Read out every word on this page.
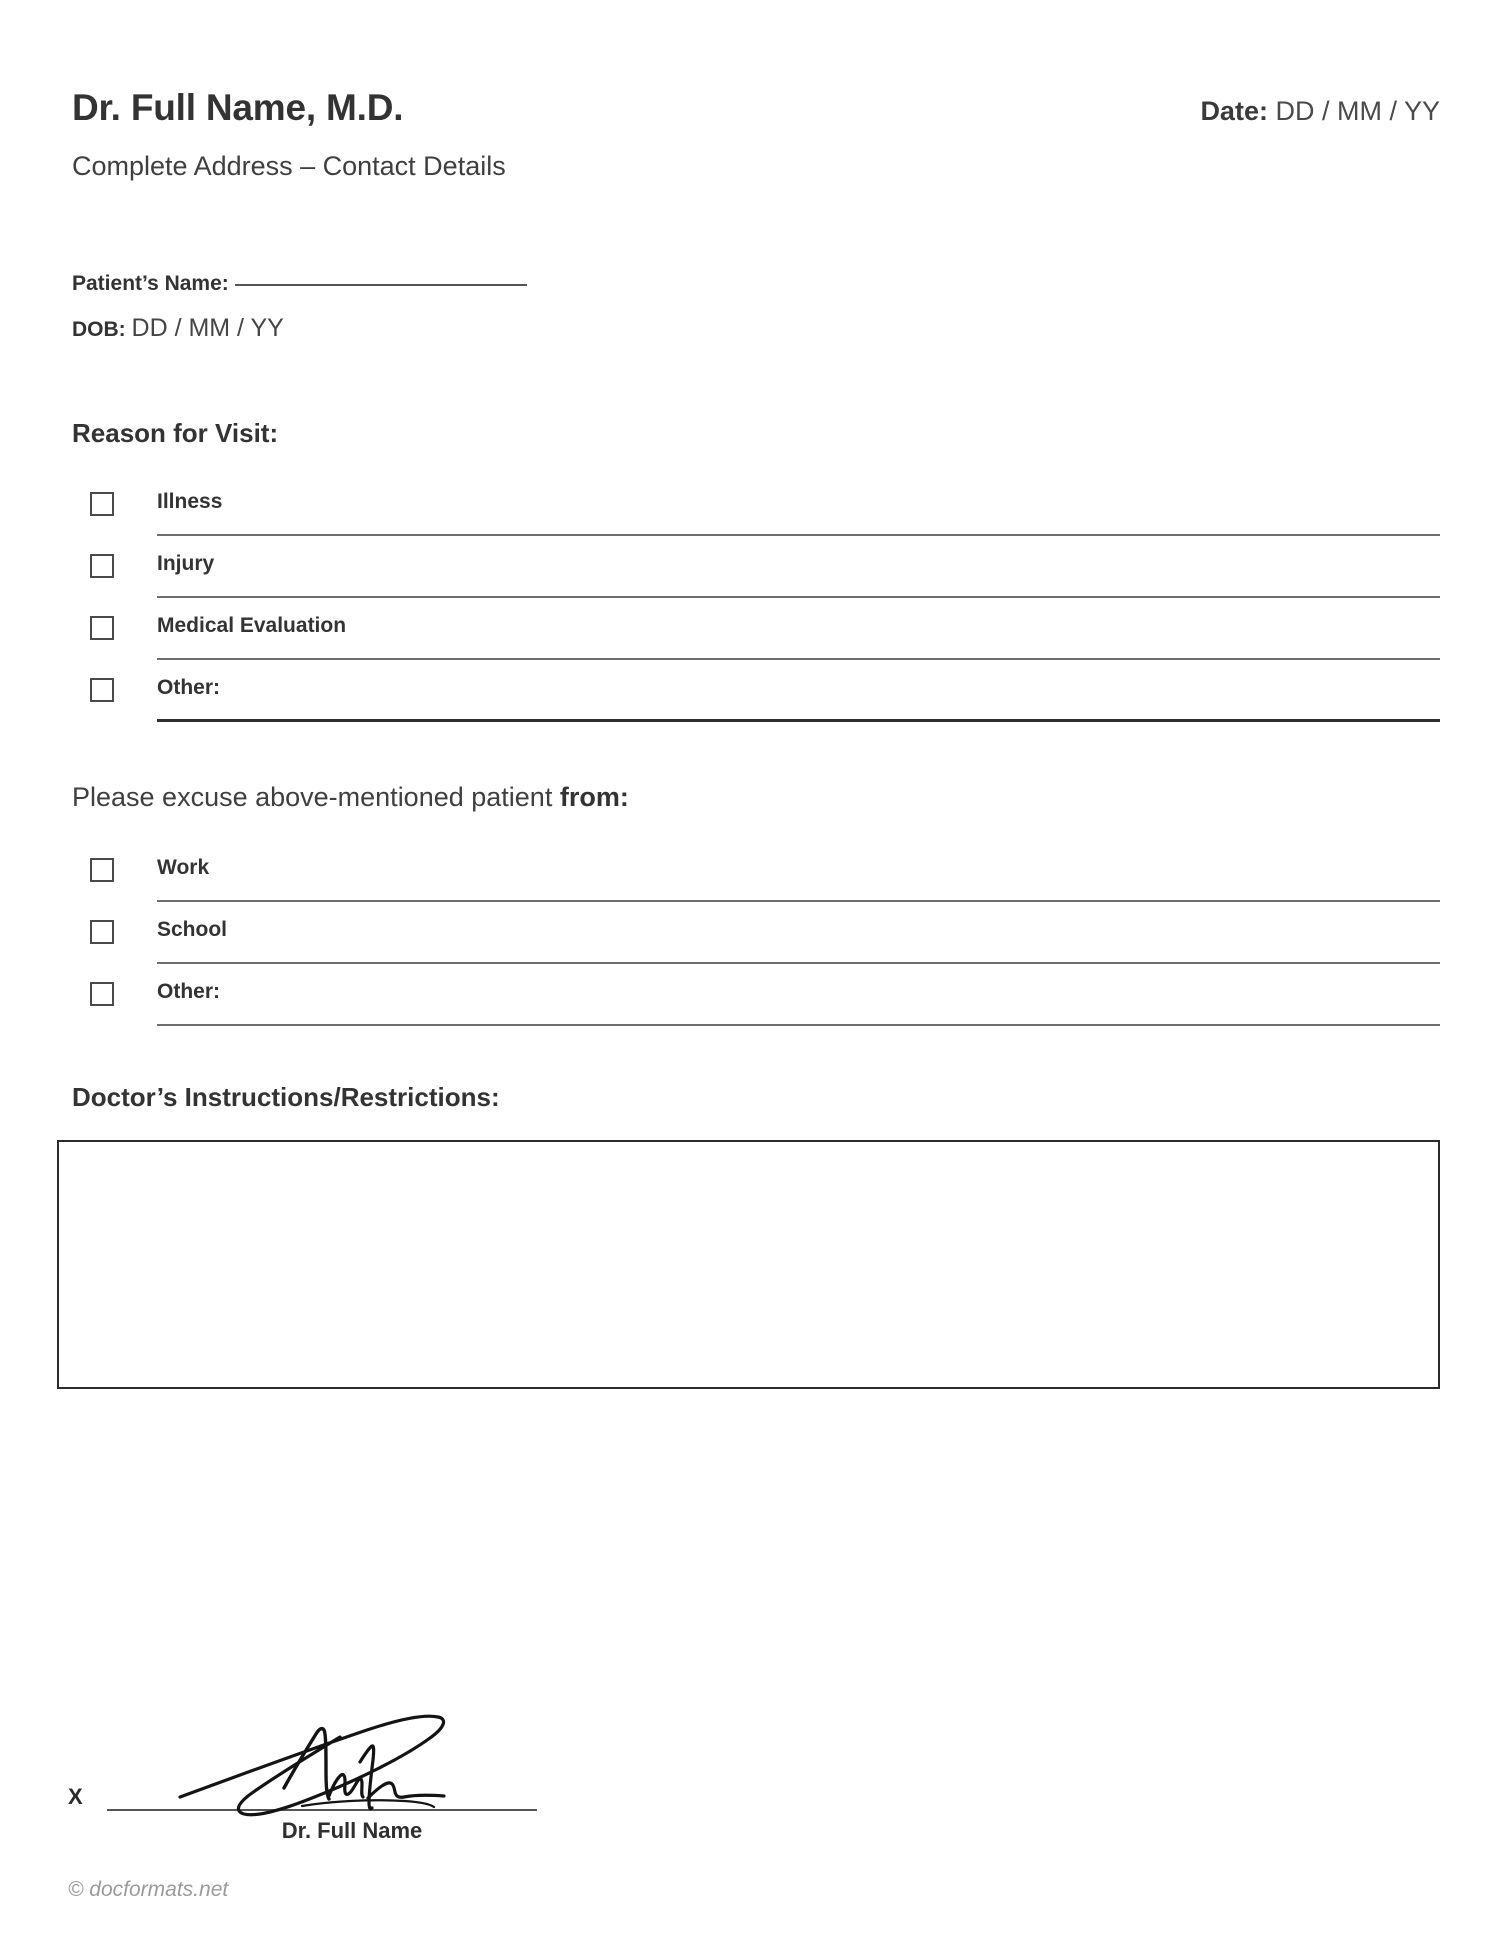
Dr. Full Name, M.D.	Date: DD / MM / YY
Complete Address – Contact Details
Patient’s Name:
DOB: DD / MM / YY
Reason for Visit:
Illness
Injury
Medical Evaluation
Other:
Please excuse above-mentioned patient from:
Work
School
Other:
Doctor’s Instructions/Restrictions:
X
Dr. Full Name
© docformats.net
